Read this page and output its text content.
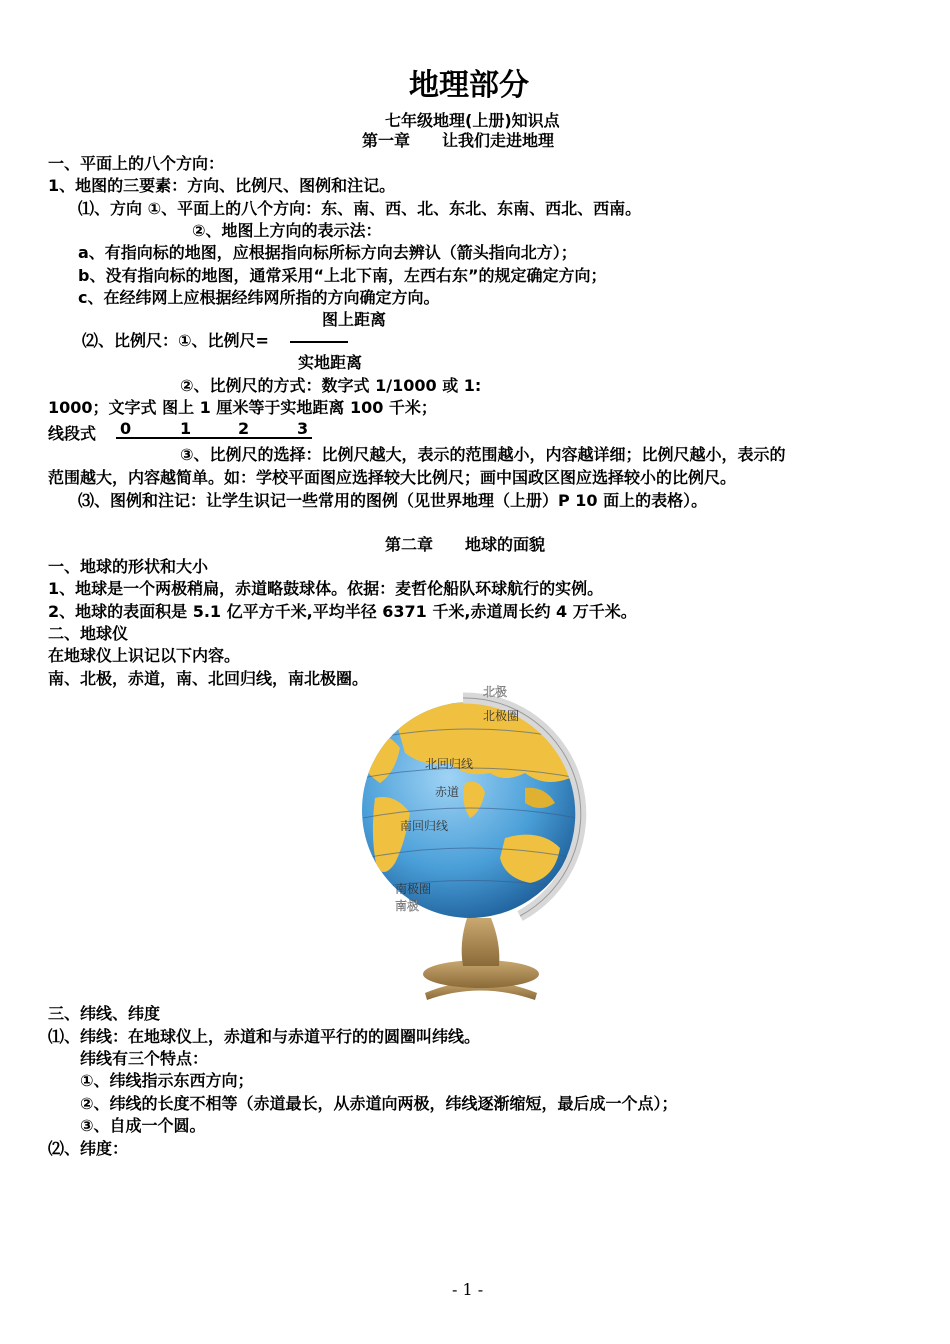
地理部分
七年级地理(上册)知识点
第一章　　让我们走进地理
一、平面上的八个方向：
1、地图的三要素：方向、比例尺、图例和注记。
⑴、方向 ①、平面上的八个方向：东、南、西、北、东北、东南、西北、西南。
②、地图上方向的表示法：
a、有指向标的地图，应根据指向标所标方向去辨认（箭头指向北方）；
b、没有指向标的地图，通常采用“上北下南，左西右东”的规定确定方向；
c、在经纬网上应根据经纬网所指的方向确定方向。
图上距离
⑵、比例尺：①、比例尺=
实地距离
②、比例尺的方式：数字式 1/1000 或 1:
1000；文字式 图上 1 厘米等于实地距离 100 千米；
线段式 0	1	2	3
③、比例尺的选择：比例尺越大，表示的范围越小，内容越详细；比例尺越小，表示的
范围越大，内容越简单。如：学校平面图应选择较大比例尺；画中国政区图应选择较小的比例尺。
⑶、图例和注记：让学生识记一些常用的图例（见世界地理（上册）P 10 面上的表格）。
第二章　　地球的面貌
一、地球的形状和大小
1、地球是一个两极稍扁，赤道略鼓球体。依据：麦哲伦船队环球航行的实例。
2、地球的表面积是 5.1 亿平方千米,平均半径 6371 千米,赤道周长约 4 万千米。
二、地球仪
在地球仪上识记以下内容。
南、北极，赤道，南、北回归线，南北极圈。
北极
北极圈
北回归线
赤道
南回归线
南极圈
南极
三、纬线、纬度
⑴、纬线：在地球仪上，赤道和与赤道平行的的圆圈叫纬线。
纬线有三个特点：
①、纬线指示东西方向；
②、纬线的长度不相等（赤道最长，从赤道向两极，纬线逐渐缩短，最后成一个点）；
③、自成一个圆。
⑵、纬度：
- 1 -
